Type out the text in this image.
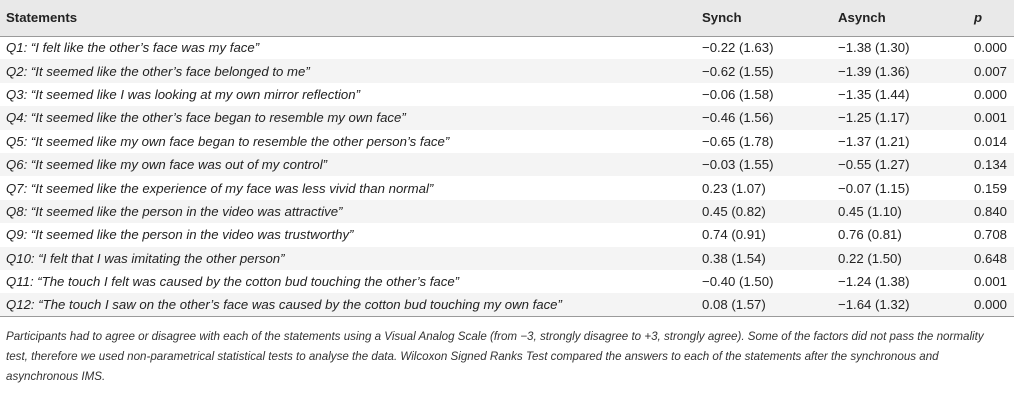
Statements	Synch	Asynch	p
Q1: “I felt like the other’s face was my face”	−0.22 (1.63)	−1.38 (1.30)	0.000
Q2: “It seemed like the other’s face belonged to me”	−0.62 (1.55)	−1.39 (1.36)	0.007
Q3: “It seemed like I was looking at my own mirror reflection”	−0.06 (1.58)	−1.35 (1.44)	0.000
Q4: “It seemed like the other’s face began to resemble my own face”	−0.46 (1.56)	−1.25 (1.17)	0.001
Q5: “It seemed like my own face began to resemble the other person’s face”	−0.65 (1.78)	−1.37 (1.21)	0.014
Q6: “It seemed like my own face was out of my control”	−0.03 (1.55)	−0.55 (1.27)	0.134
Q7: “It seemed like the experience of my face was less vivid than normal”	0.23 (1.07)	−0.07 (1.15)	0.159
Q8: “It seemed like the person in the video was attractive”	0.45 (0.82)	0.45 (1.10)	0.840
Q9: “It seemed like the person in the video was trustworthy”	0.74 (0.91)	0.76 (0.81)	0.708
Q10: “I felt that I was imitating the other person”	0.38 (1.54)	0.22 (1.50)	0.648
Q11: “The touch I felt was caused by the cotton bud touching the other’s face”	−0.40 (1.50)	−1.24 (1.38)	0.001
Q12: “The touch I saw on the other’s face was caused by the cotton bud touching my own face”	0.08 (1.57)	−1.64 (1.32)	0.000
Participants had to agree or disagree with each of the statements using a Visual Analog Scale (from −3, strongly disagree to +3, strongly agree). Some of the factors did not pass the normality test, therefore we used non-parametrical statistical tests to analyse the data. Wilcoxon Signed Ranks Test compared the answers to each of the statements after the synchronous and asynchronous IMS.
